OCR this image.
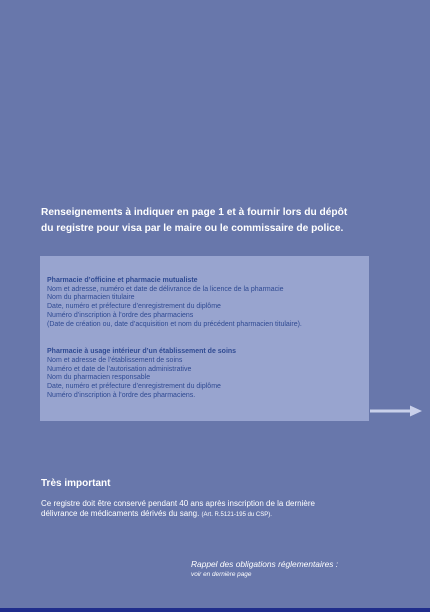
Renseignements à indiquer en page 1 et à fournir lors du dépôt
du registre pour visa par le maire ou le commissaire de police.
Pharmacie d’officine et pharmacie mutualiste
Nom et adresse, numéro et date de délivrance de la licence de la pharmacie
Nom du pharmacien titulaire
Date, numéro et préfecture d’enregistrement du diplôme
Numéro d’inscription à l’ordre des pharmaciens
(Date de création ou, date d’acquisition et nom du précédent pharmacien titulaire).
Pharmacie à usage intérieur d’un établissement de soins
Nom et adresse de l’établissement de soins
Numéro et date de l’autorisation administrative
Nom du pharmacien responsable
Date, numéro et préfecture d’enregistrement du diplôme
Numéro d’inscription à l’ordre des pharmaciens.
Très important
Ce registre doit être conservé pendant 40 ans après inscription de la dernière
délivrance de médicaments dérivés du sang. (Art. R.5121-195 du CSP).
Rappel des obligations réglementaires :
voir en dernière page
